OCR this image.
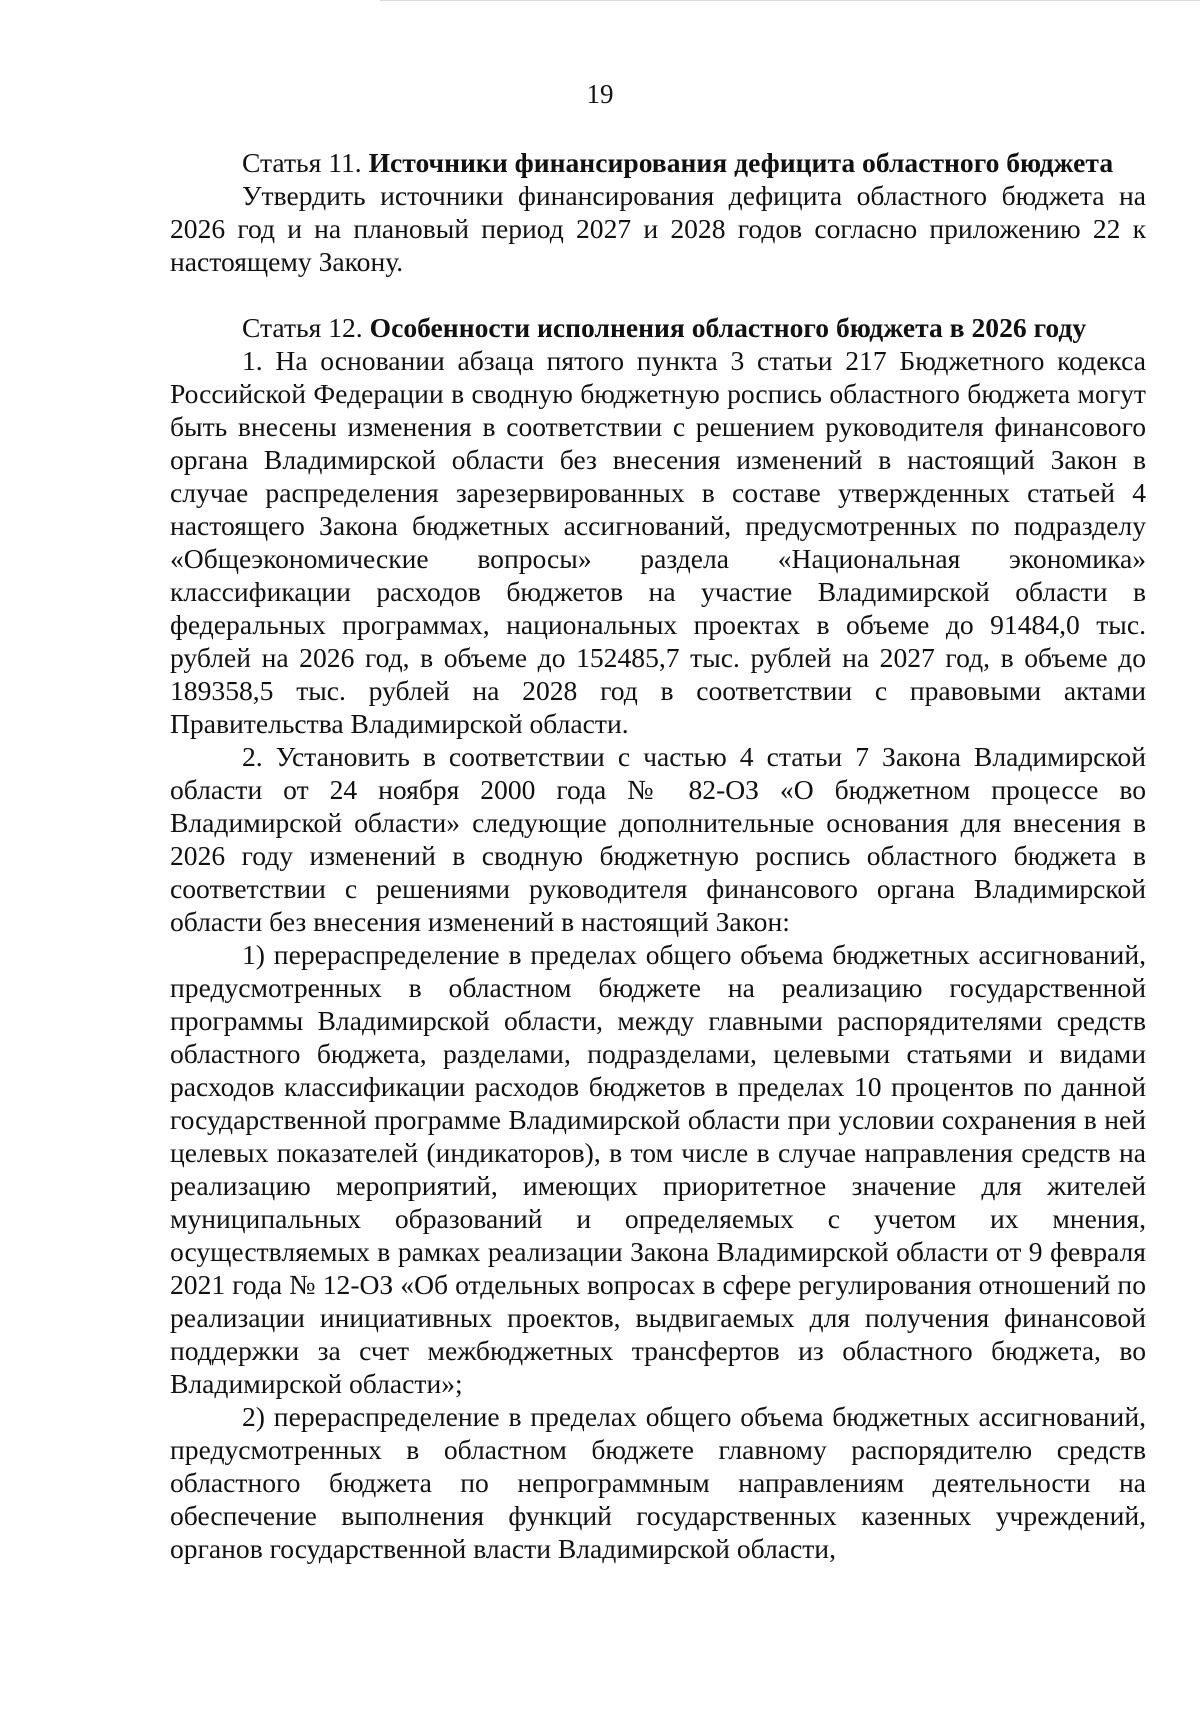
19
Статья 11. Источники финансирования дефицита областного бюджета

Утвердить источники финансирования дефицита областного бюджета на 2026 год и на плановый период 2027 и 2028 годов согласно приложению 22 к настоящему Закону.

Статья 12. Особенности исполнения областного бюджета в 2026 году

1. На основании абзаца пятого пункта 3 статьи 217 Бюджетного кодекса Российской Федерации в сводную бюджетную роспись областного бюджета могут быть внесены изменения в соответствии с решением руководителя финансового органа Владимирской области без внесения изменений в настоящий Закон в случае распределения зарезервированных в составе утвержденных статьей 4 настоящего Закона бюджетных ассигнований, предусмотренных по подразделу «Общеэкономические вопросы» раздела «Национальная экономика» классификации расходов бюджетов на участие Владимирской области в федеральных программах, национальных проектах в объеме до 91484,0 тыс. рублей на 2026 год, в объеме до 152485,7 тыс. рублей на 2027 год, в объеме до 189358,5 тыс. рублей на 2028 год в соответствии с правовыми актами Правительства Владимирской области.

2. Установить в соответствии с частью 4 статьи 7 Закона Владимирской области от 24 ноября 2000 года № 82-ОЗ «О бюджетном процессе во Владимирской области» следующие дополнительные основания для внесения в 2026 году изменений в сводную бюджетную роспись областного бюджета в соответствии с решениями руководителя финансового органа Владимирской области без внесения изменений в настоящий Закон:

1) перераспределение в пределах общего объема бюджетных ассигнований, предусмотренных в областном бюджете на реализацию государственной программы Владимирской области, между главными распорядителями средств областного бюджета, разделами, подразделами, целевыми статьями и видами расходов классификации расходов бюджетов в пределах 10 процентов по данной государственной программе Владимирской области при условии сохранения в ней целевых показателей (индикаторов), в том числе в случае направления средств на реализацию мероприятий, имеющих приоритетное значение для жителей муниципальных образований и определяемых с учетом их мнения, осуществляемых в рамках реализации Закона Владимирской области от 9 февраля 2021 года № 12-ОЗ «Об отдельных вопросах в сфере регулирования отношений по реализации инициативных проектов, выдвигаемых для получения финансовой поддержки за счет межбюджетных трансфертов из областного бюджета, во Владимирской области»;

2) перераспределение в пределах общего объема бюджетных ассигнований, предусмотренных в областном бюджете главному распорядителю средств областного бюджета по непрограммным направлениям деятельности на обеспечение выполнения функций государственных казенных учреждений, органов государственной власти Владимирской области,
